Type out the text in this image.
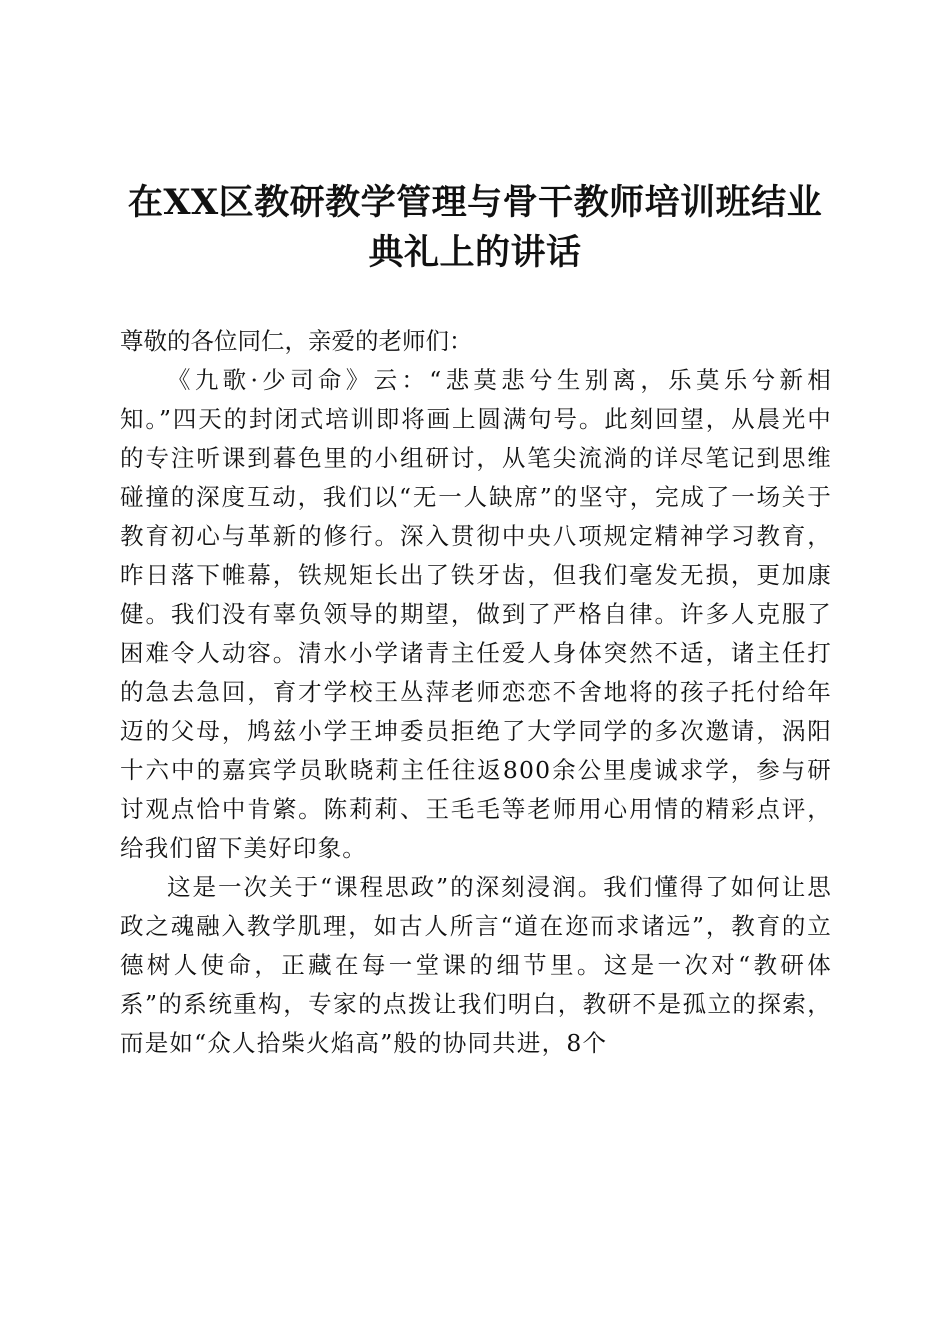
在XX区教研教学管理与骨干教师培训班结业
典礼上的讲话

尊敬的各位同仁，亲爱的老师们：

《九歌·少司命》云：“悲莫悲兮生别离，乐莫乐兮新相知。”四天的封闭式培训即将画上圆满句号。此刻回望，从晨光中的专注听课到暮色里的小组研讨，从笔尖流淌的详尽笔记到思维碰撞的深度互动，我们以“无一人缺席”的坚守，完成了一场关于教育初心与革新的修行。深入贯彻中央八项规定精神学习教育，昨日落下帷幕，铁规矩长出了铁牙齿，但我们毫发无损，更加康健。我们没有辜负领导的期望，做到了严格自律。许多人克服了困难令人动容。清水小学诸青主任爱人身体突然不适，诸主任打的急去急回，育才学校王丛萍老师恋恋不舍地将的孩子托付给年迈的父母，鸠兹小学王坤委员拒绝了大学同学的多次邀请，涡阳十六中的嘉宾学员耿晓莉主任往返800余公里虔诚求学，参与研讨观点恰中肯綮。陈莉莉、王毛毛等老师用心用情的精彩点评，给我们留下美好印象。

这是一次关于“课程思政”的深刻浸润。我们懂得了如何让思政之魂融入教学肌理，如古人所言“道在迩而求诸远”，教育的立德树人使命，正藏在每一堂课的细节里。这是一次对“教研体系”的系统重构，专家的点拨让我们明白，教研不是孤立的探索，而是如“众人拾柴火焰高”般的协同共进，8个
